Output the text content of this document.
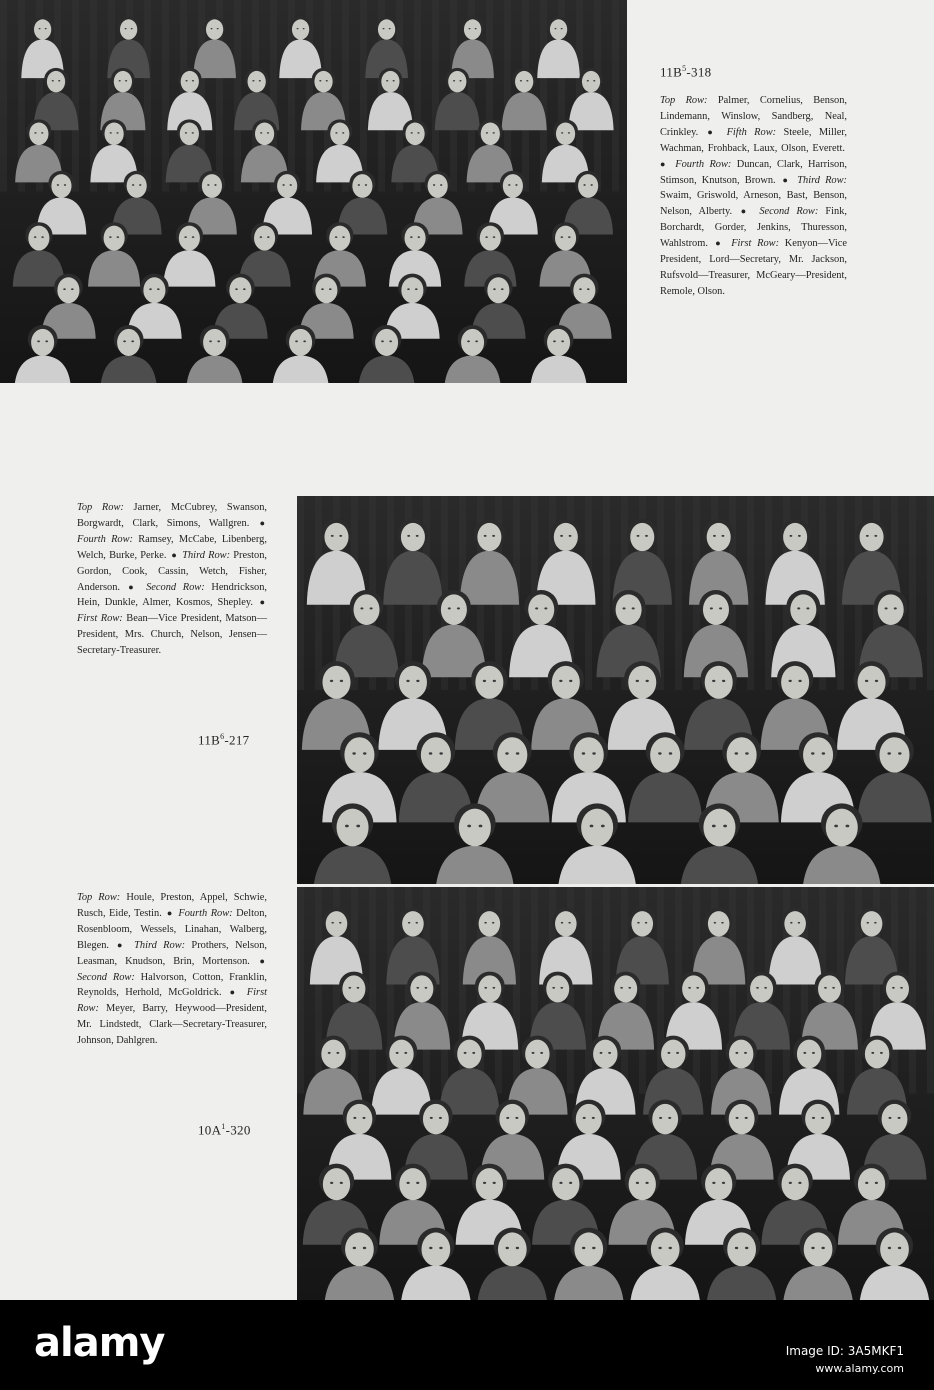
$11B^5-318$
Top Row: Palmer, Cornelius, Benson, Lindemann, Winslow, Sandberg, Neal, Crinkley. ● Fifth Row: Steele, Miller, Wachman, Frohback, Laux, Olson, Everett. ● Fourth Row: Duncan, Clark, Harrison, Stimson, Knutson, Brown. ● Third Row: Swaim, Griswold, Arneson, Bast, Benson, Nelson, Alberty. ● Second Row: Fink, Borchardt, Gorder, Jenkins, Thuresson, Wahlstrom. ● First Row: Kenyon—Vice President, Lord—Secretary, Mr. Jackson, Rufsvold—Treasurer, McGeary—President, Remole, Olson.
Top Row: Jarner, McCubrey, Swanson, Borgwardt, Clark, Simons, Wallgren. ● Fourth Row: Ramsey, McCabe, Libenberg, Welch, Burke, Perke. ● Third Row: Preston, Gordon, Cook, Cassin, Wetch, Fisher, Anderson. ● Second Row: Hendrickson, Hein, Dunkle, Almer, Kosmos, Shepley. ● First Row: Bean—Vice President, Matson—President, Mrs. Church, Nelson, Jensen—Secretary-Treasurer.
$11B^6-217$
Top Row: Houle, Preston, Appel, Schwie, Rusch, Eide, Testin. ● Fourth Row: Delton, Rosenbloom, Wessels, Linahan, Walberg, Blegen. ● Third Row: Prothers, Nelson, Leasman, Knudson, Brin, Mortenson. ● Second Row: Halvorson, Cotton, Franklin, Reynolds, Herhold, McGoldrick. ● First Row: Meyer, Barry, Heywood—President, Mr. Lindstedt, Clark—Secretary-Treasurer, Johnson, Dahlgren.
$10A^1-320$
alamy	Image ID: 3A5MKF1
www.alamy.com
